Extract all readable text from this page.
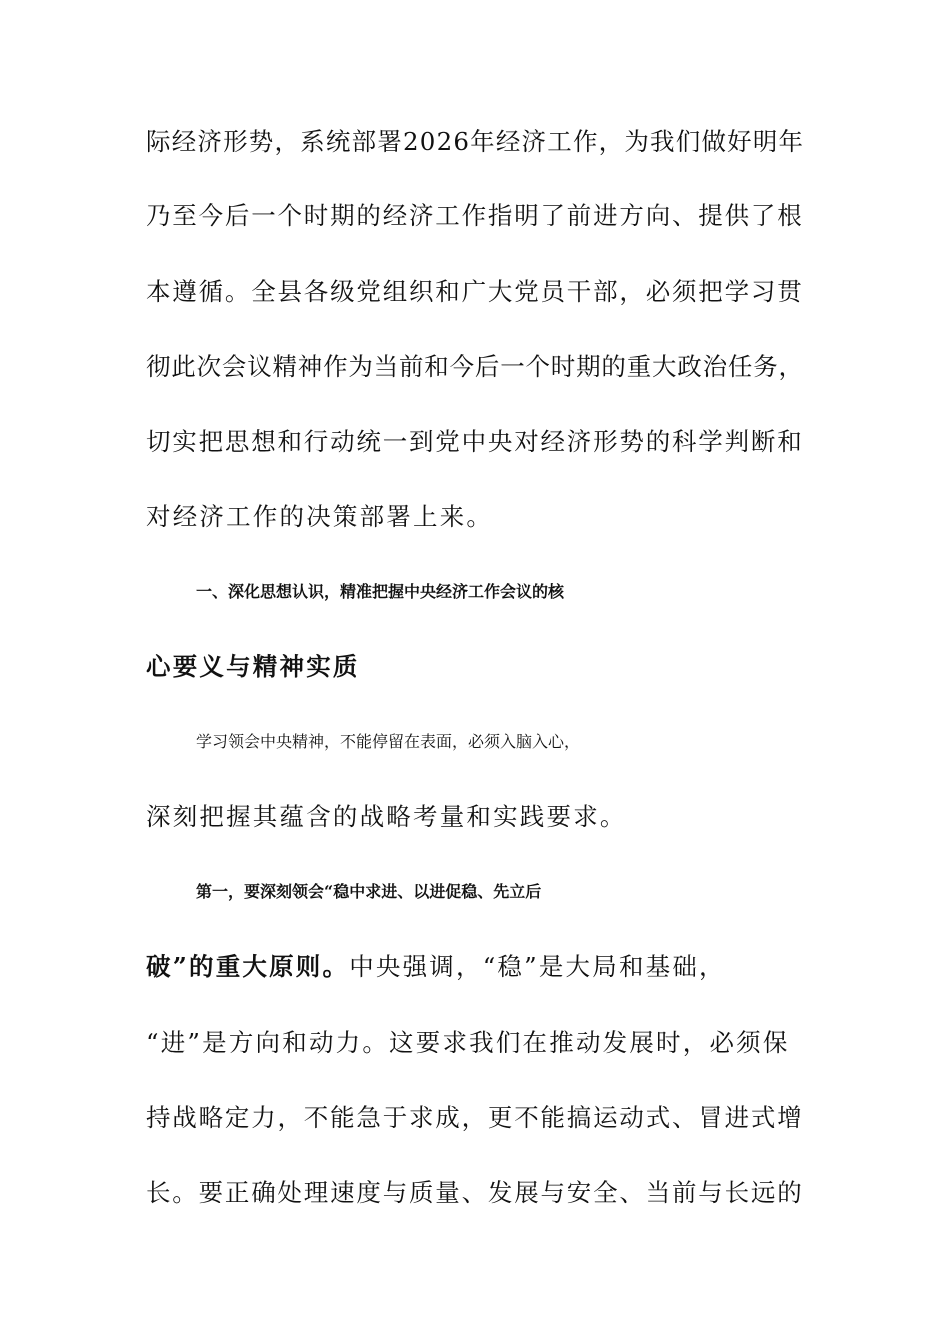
际经济形势，系统部署2026年经济工作，为我们做好明年
乃至今后一个时期的经济工作指明了前进方向、提供了根
本遵循。全县各级党组织和广大党员干部，必须把学习贯
彻此次会议精神作为当前和今后一个时期的重大政治任务，
切实把思想和行动统一到党中央对经济形势的科学判断和
对经济工作的决策部署上来。
一、深化思想认识，精准把握中央经济工作会议的核
心要义与精神实质
学习领会中央精神，不能停留在表面，必须入脑入心，
深刻把握其蕴含的战略考量和实践要求。
第一，要深刻领会“稳中求进、以进促稳、先立后
破”的重大原则。中央强调，“稳”是大局和基础，
“进”是方向和动力。这要求我们在推动发展时，必须保
持战略定力，不能急于求成，更不能搞运动式、冒进式增
长。要正确处理速度与质量、发展与安全、当前与长远的
